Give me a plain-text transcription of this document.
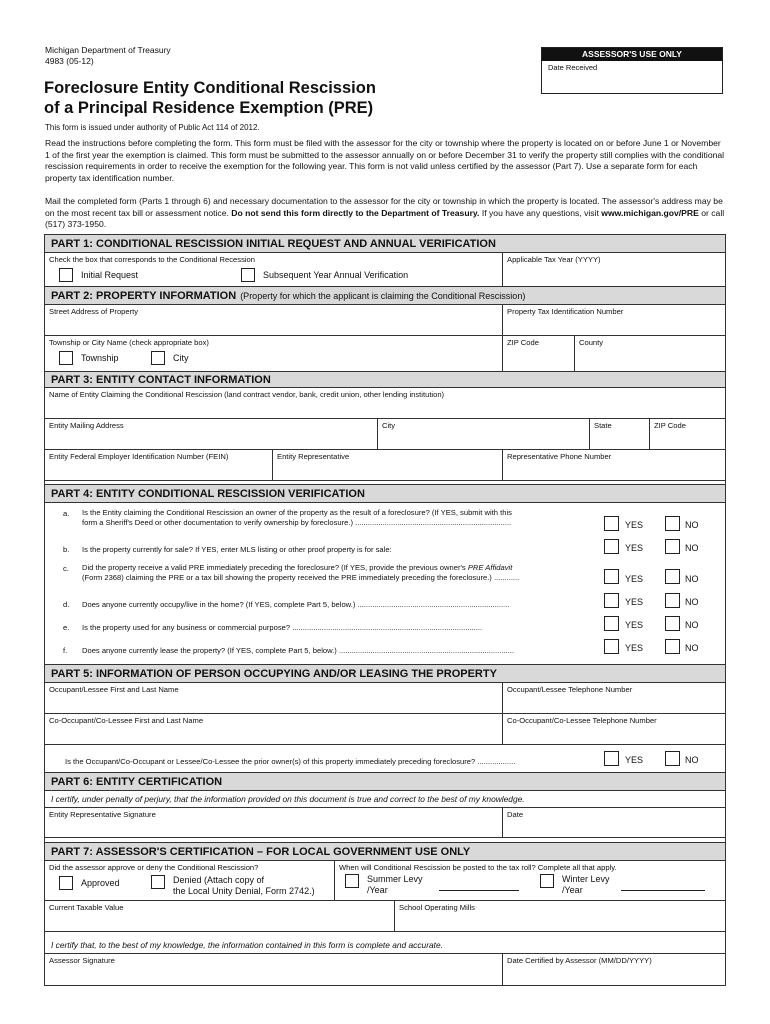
Michigan Department of Treasury
4983 (05-12)
Foreclosure Entity Conditional Rescission
of a Principal Residence Exemption (PRE)
This form is issued under authority of Public Act 114 of 2012.
ASSESSOR'S USE ONLY
Date Received

Read the instructions before completing the form. This form must be filed with the assessor for the city or township where the property is located on or before June 1 or November 1 of the first year the exemption is claimed. This form must be submitted to the assessor annually on or before December 31 to verify the property still complies with the conditional rescission requirements in order to receive the exemption for the following year. This form is not valid unless certified by the assessor (Part 7). Use a separate form for each property tax identification number.

Mail the completed form (Parts 1 through 6) and necessary documentation to the assessor for the city or township in which the property is located. The assessor's address may be on the most recent tax bill or assessment notice. Do not send this form directly to the Department of Treasury. If you have any questions, visit www.michigan.gov/PRE or call (517) 373-1950.

PART 1: CONDITIONAL RESCISSION INITIAL REQUEST AND ANNUAL VERIFICATION
Check the box that corresponds to the Conditional Recession
Initial Request	Subsequent Year Annual Verification
Applicable Tax Year (YYYY)
PART 2: PROPERTY INFORMATION (Property for which the applicant is claiming the Conditional Rescission)
Street Address of Property	Property Tax Identification Number
Township or City Name (check appropriate box)
Township	City
ZIP Code	County
PART 3: ENTITY CONTACT INFORMATION
Name of Entity Claiming the Conditional Rescission (land contract vendor, bank, credit union, other lending institution)
Entity Mailing Address	City	State	ZIP Code
Entity Federal Employer Identification Number (FEIN)	Entity Representative	Representative Phone Number
PART 4: ENTITY CONDITIONAL RESCISSION VERIFICATION
a. Is the Entity claiming the Conditional Rescission an owner of the property as the result of a foreclosure? (If YES, submit with this
form a Sheriff's Deed or other documentation to verify ownership by foreclosure.) ..........................................................................	YES	NO
b. Is the property currently for sale? If YES, enter MLS listing or other proof property is for sale:	YES	NO
c. Did the property receive a valid PRE immediately preceding the foreclosure? (If YES, provide the previous owner's PRE Affidavit
(Form 2368) claiming the PRE or a tax bill showing the property received the PRE immediately preceding the foreclosure.) ............	YES	NO
d. Does anyone currently occupy/live in the home? (If YES, complete Part 5, below.) ........................................................................	YES	NO
e. Is the property used for any business or commercial purpose? ..........................................................................................	YES	NO
f. Does anyone currently lease the property? (If YES, complete Part 5, below.) ...................................................................................	YES	NO
PART 5: INFORMATION OF PERSON OCCUPYING AND/OR LEASING THE PROPERTY
Occupant/Lessee First and Last Name	Occupant/Lessee Telephone Number
Co-Occupant/Co-Lessee First and Last Name	Co-Occupant/Co-Lessee Telephone Number
Is the Occupant/Co-Occupant or Lessee/Co-Lessee the prior owner(s) of this property immediately preceding foreclosure? ..................	YES	NO
PART 6: ENTITY CERTIFICATION
I certify, under penalty of perjury, that the information provided on this document is true and correct to the best of my knowledge.
Entity Representative Signature	Date
PART 7: ASSESSOR'S CERTIFICATION – FOR LOCAL GOVERNMENT USE ONLY
Did the assessor approve or deny the Conditional Rescission?
Approved	Denied (Attach copy of
the Local Unity Denial, Form 2742.)
When will Conditional Rescission be posted to the tax roll? Complete all that apply.
Summer Levy
/Year
Winter Levy
/Year
Current Taxable Value	School Operating Mills
I certify that, to the best of my knowledge, the information contained in this form is complete and accurate.
Assessor Signature	Date Certified by Assessor (MM/DD/YYYY)
